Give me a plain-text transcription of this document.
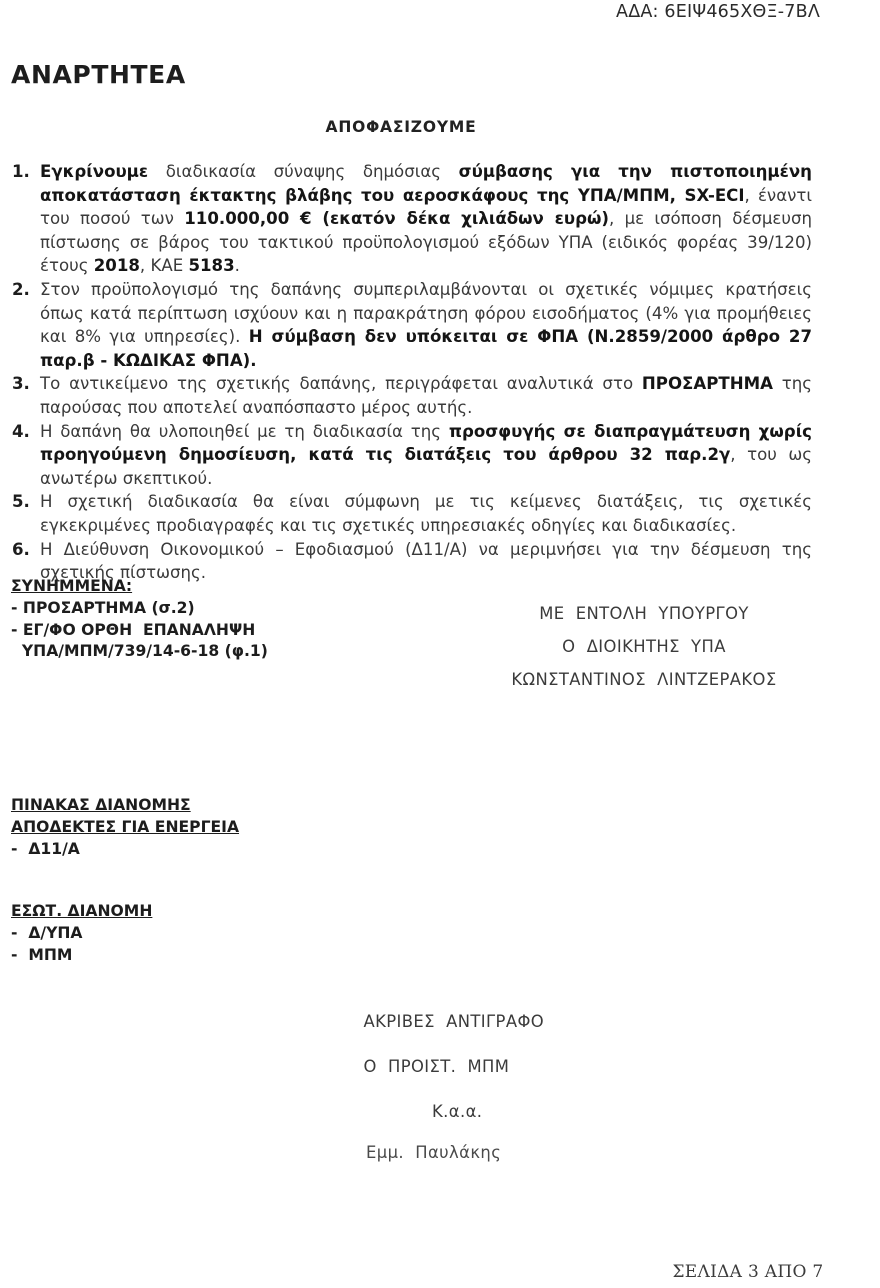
ΑΔΑ: 6ΕΙΨ465ΧΘΞ-7ΒΛ
ΑΝΑΡΤΗΤΕΑ
ΑΠΟΦΑΣΙΖΟΥΜΕ
1. Εγκρίνουμε διαδικασία σύναψης δημόσιας σύμβασης για την πιστοποιημένη αποκατάσταση έκτακτης βλάβης του αεροσκάφους της ΥΠΑ/ΜΠΜ, SX-ECI, έναντι του ποσού των 110.000,00 € (εκατόν δέκα χιλιάδων ευρώ), με ισόποση δέσμευση πίστωσης σε βάρος του τακτικού προϋπολογισμού εξόδων ΥΠΑ (ειδικός φορέας 39/120) έτους 2018, ΚΑΕ 5183.
2. Στον προϋπολογισμό της δαπάνης συμπεριλαμβάνονται οι σχετικές νόμιμες κρατήσεις όπως κατά περίπτωση ισχύουν και η παρακράτηση φόρου εισοδήματος (4% για προμήθειες και 8% για υπηρεσίες). Η σύμβαση δεν υπόκειται σε ΦΠΑ (Ν.2859/2000 άρθρο 27 παρ.β - ΚΩΔΙΚΑΣ ΦΠΑ).
3. Το αντικείμενο της σχετικής δαπάνης, περιγράφεται αναλυτικά στο ΠΡΟΣΑΡΤΗΜΑ της παρούσας που αποτελεί αναπόσπαστο μέρος αυτής.
4. Η δαπάνη θα υλοποιηθεί με τη διαδικασία της προσφυγής σε διαπραγμάτευση χωρίς προηγούμενη δημοσίευση, κατά τις διατάξεις του άρθρου 32 παρ.2γ, του ως ανωτέρω σκεπτικού.
5. Η σχετική διαδικασία θα είναι σύμφωνη με τις κείμενες διατάξεις, τις σχετικές εγκεκριμένες προδιαγραφές και τις σχετικές υπηρεσιακές οδηγίες και διαδικασίες.
6. Η Διεύθυνση Οικονομικού – Εφοδιασμού (Δ11/Α) να μεριμνήσει για την δέσμευση της σχετικής πίστωσης.
ΣΥΝΗΜΜΕΝΑ:
- ΠΡΟΣΑΡΤΗΜΑ (σ.2)
- ΕΓ/ΦΟ ΟΡΘΗ  ΕΠΑΝΑΛΗΨΗ
ΥΠΑ/ΜΠΜ/739/14-6-18 (φ.1)
ΜΕ  ΕΝΤΟΛΗ  ΥΠΟΥΡΓΟΥ
Ο  ΔΙΟΙΚΗΤΗΣ  ΥΠΑ
ΚΩΝΣΤΑΝΤΙΝΟΣ  ΛΙΝΤΖΕΡΑΚΟΣ
ΠΙΝΑΚΑΣ ΔΙΑΝΟΜΗΣ
ΑΠΟΔΕΚΤΕΣ ΓΙΑ ΕΝΕΡΓΕΙΑ
-  Δ11/Α
ΕΣΩΤ. ΔΙΑΝΟΜΗ
-  Δ/ΥΠΑ
-  ΜΠΜ

ΑΚΡΙΒΕΣ  ΑΝΤΙΓΡΑΦΟ

Ο  ΠΡΟΙΣΤ.  ΜΠΜ

Κ.α.α.

Εμμ.  Παυλάκης
ΣΕΛΙΔΑ 3 ΑΠΟ 7
